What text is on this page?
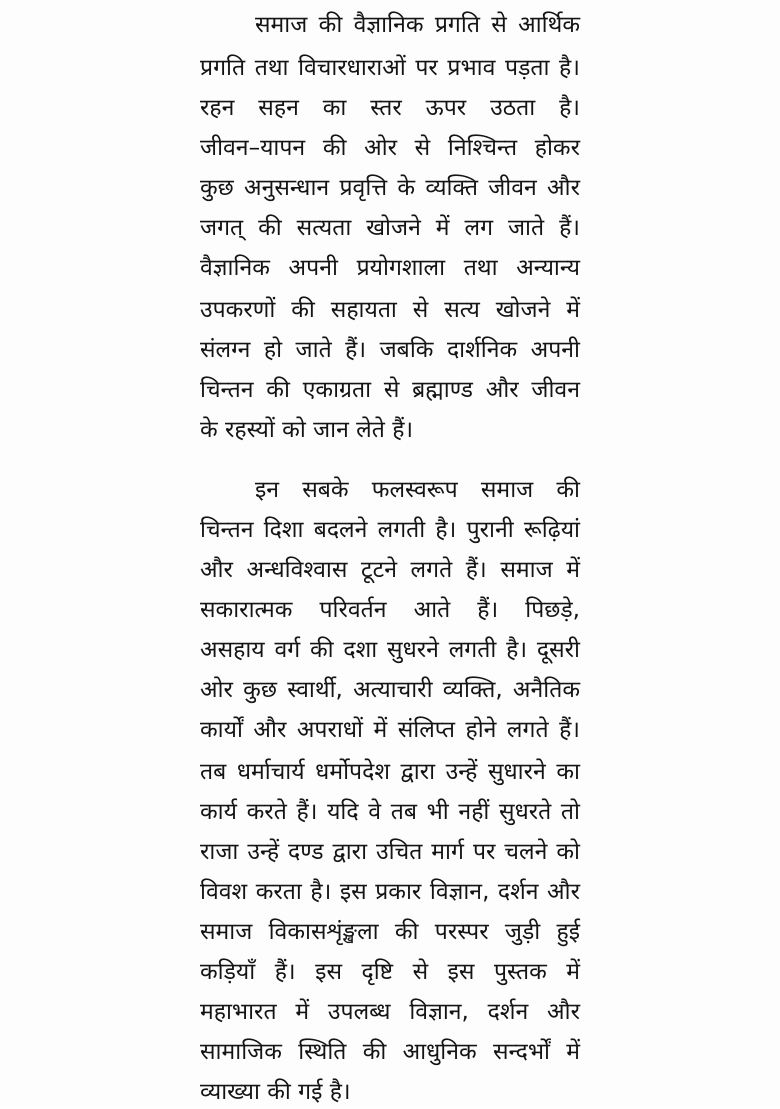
समाज की वैज्ञानिक प्रगति से आर्थिक
प्रगति तथा विचारधाराओं पर प्रभाव पड़ता है।
रहन सहन का स्तर ऊपर उठता है।
जीवन–यापन की ओर से निश्चिन्त होकर
कुछ अनुसन्धान प्रवृत्ति के व्यक्ति जीवन और
जगत् की सत्यता खोजने में लग जाते हैं।
वैज्ञानिक अपनी प्रयोगशाला तथा अन्यान्य
उपकरणों की सहायता से सत्य खोजने में
संलग्न हो जाते हैं। जबकि दार्शनिक अपनी
चिन्तन की एकाग्रता से ब्रह्माण्ड और जीवन
के रहस्यों को जान लेते हैं।
इन सबके फलस्वरूप समाज की
चिन्तन दिशा बदलने लगती है। पुरानी रूढ़ियां
और अन्धविश्वास टूटने लगते हैं। समाज में
सकारात्मक परिवर्तन आते हैं। पिछड़े,
असहाय वर्ग की दशा सुधरने लगती है। दूसरी
ओर कुछ स्वार्थी, अत्याचारी व्यक्ति, अनैतिक
कार्यों और अपराधों में संलिप्त होने लगते हैं।
तब धर्माचार्य धर्मोपदेश द्वारा उन्हें सुधारने का
कार्य करते हैं। यदि वे तब भी नहीं सुधरते तो
राजा उन्हें दण्ड द्वारा उचित मार्ग पर चलने को
विवश करता है। इस प्रकार विज्ञान, दर्शन और
समाज विकासशृंङ्खला की परस्पर जुड़ी हुई
कड़ियाँ हैं। इस दृष्टि से इस पुस्तक में
महाभारत में उपलब्ध विज्ञान, दर्शन और
सामाजिक स्थिति की आधुनिक सन्दर्भों में
व्याख्या की गई है।
